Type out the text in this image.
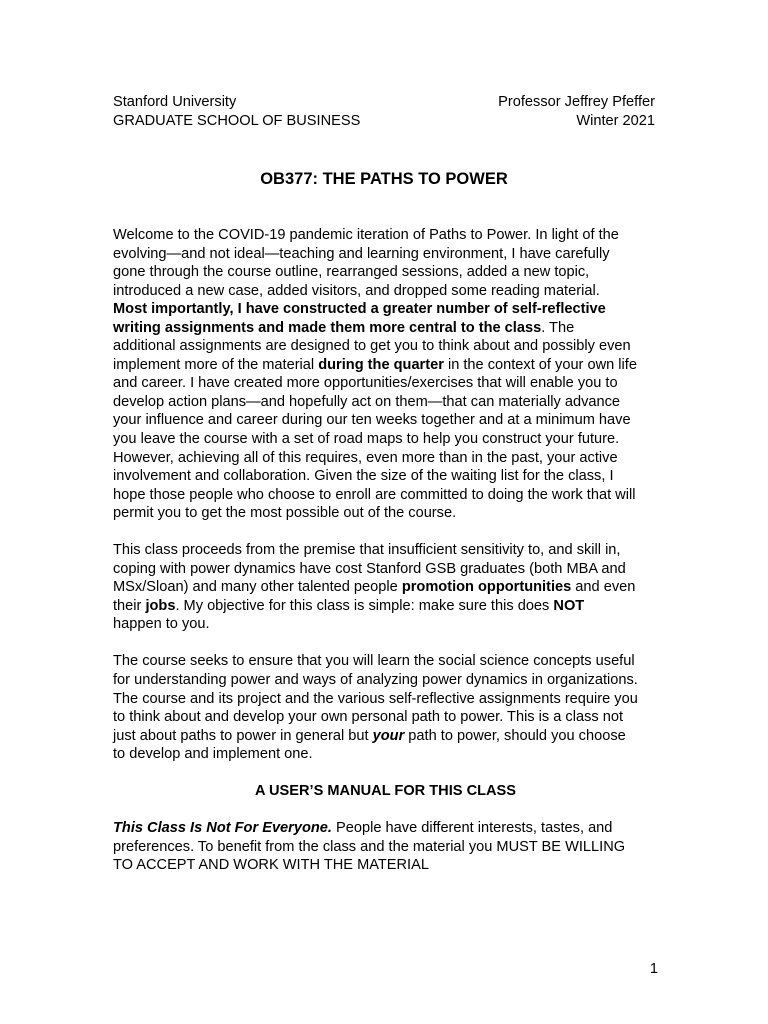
Stanford University	Professor Jeffrey Pfeffer
GRADUATE SCHOOL OF BUSINESS	Winter 2021
OB377: THE PATHS TO POWER
Welcome to the COVID-19 pandemic iteration of Paths to Power. In light of the
evolving—and not ideal—teaching and learning environment, I have carefully
gone through the course outline, rearranged sessions, added a new topic,
introduced a new case, added visitors, and dropped some reading material.
Most importantly, I have constructed a greater number of self-reflective
writing assignments and made them more central to the class. The
additional assignments are designed to get you to think about and possibly even
implement more of the material during the quarter in the context of your own life
and career. I have created more opportunities/exercises that will enable you to
develop action plans—and hopefully act on them—that can materially advance
your influence and career during our ten weeks together and at a minimum have
you leave the course with a set of road maps to help you construct your future.
However, achieving all of this requires, even more than in the past, your active
involvement and collaboration. Given the size of the waiting list for the class, I
hope those people who choose to enroll are committed to doing the work that will
permit you to get the most possible out of the course.
This class proceeds from the premise that insufficient sensitivity to, and skill in,
coping with power dynamics have cost Stanford GSB graduates (both MBA and
MSx/Sloan) and many other talented people promotion opportunities and even
their jobs. My objective for this class is simple: make sure this does NOT
happen to you.
The course seeks to ensure that you will learn the social science concepts useful
for understanding power and ways of analyzing power dynamics in organizations.
The course and its project and the various self-reflective assignments require you
to think about and develop your own personal path to power. This is a class not
just about paths to power in general but your path to power, should you choose
to develop and implement one.
A USER’S MANUAL FOR THIS CLASS
This Class Is Not For Everyone. People have different interests, tastes, and
preferences. To benefit from the class and the material you MUST BE WILLING
TO ACCEPT AND WORK WITH THE MATERIAL
1
